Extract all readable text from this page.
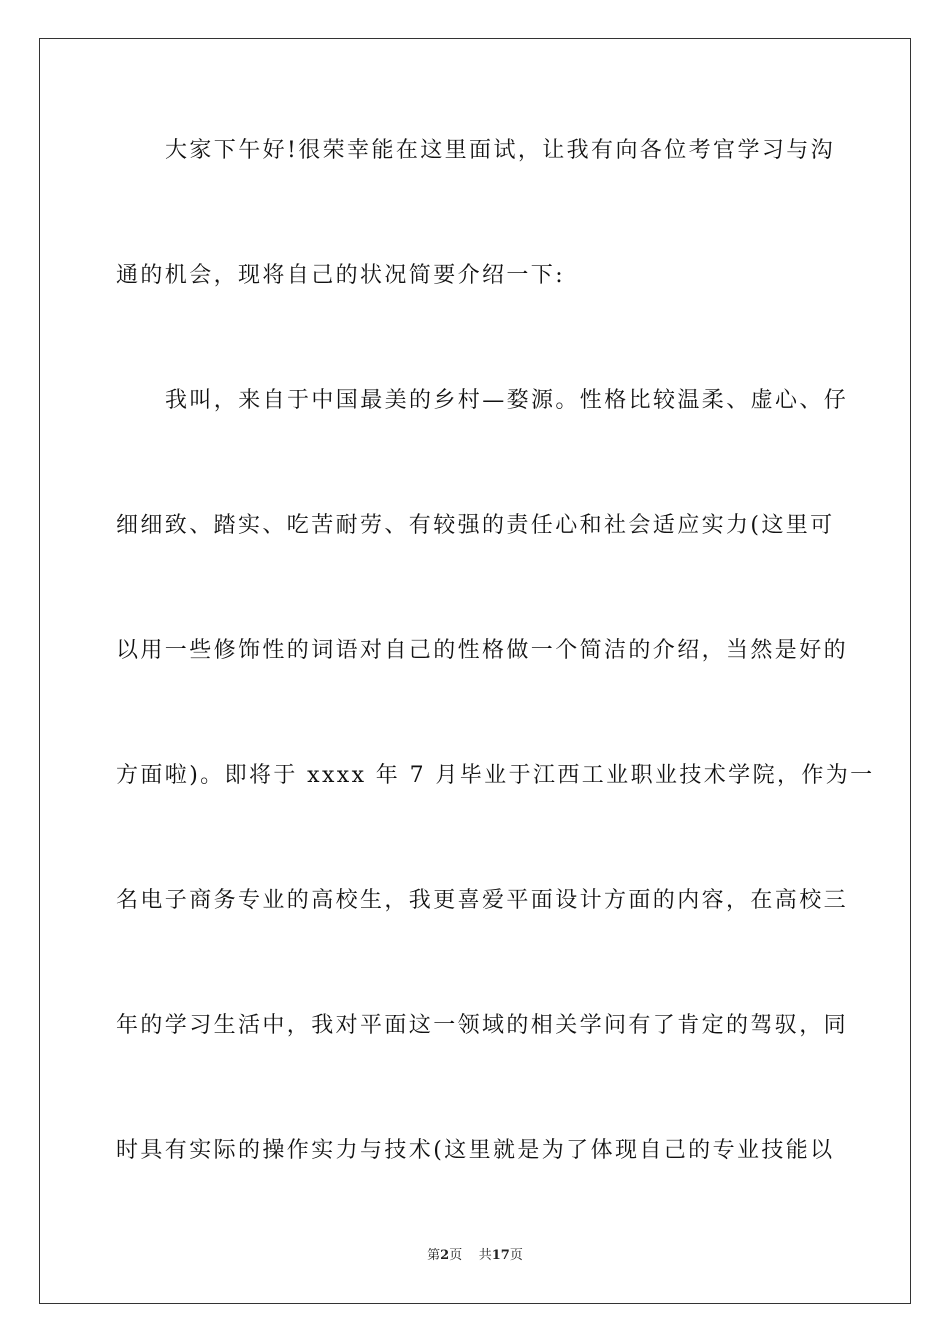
大家下午好!很荣幸能在这里面试，让我有向各位考官学习与沟
通的机会，现将自己的状况简要介绍一下:
我叫，来自于中国最美的乡村—婺源。性格比较温柔、虚心、仔
细细致、踏实、吃苦耐劳、有较强的责任心和社会适应实力(这里可
以用一些修饰性的词语对自己的性格做一个简洁的介绍，当然是好的
方面啦)。即将于 xxxx 年 7 月毕业于江西工业职业技术学院，作为一
名电子商务专业的高校生，我更喜爱平面设计方面的内容，在高校三
年的学习生活中，我对平面这一领域的相关学问有了肯定的驾驭，同
时具有实际的操作实力与技术(这里就是为了体现自己的专业技能以
第2页 共17页
